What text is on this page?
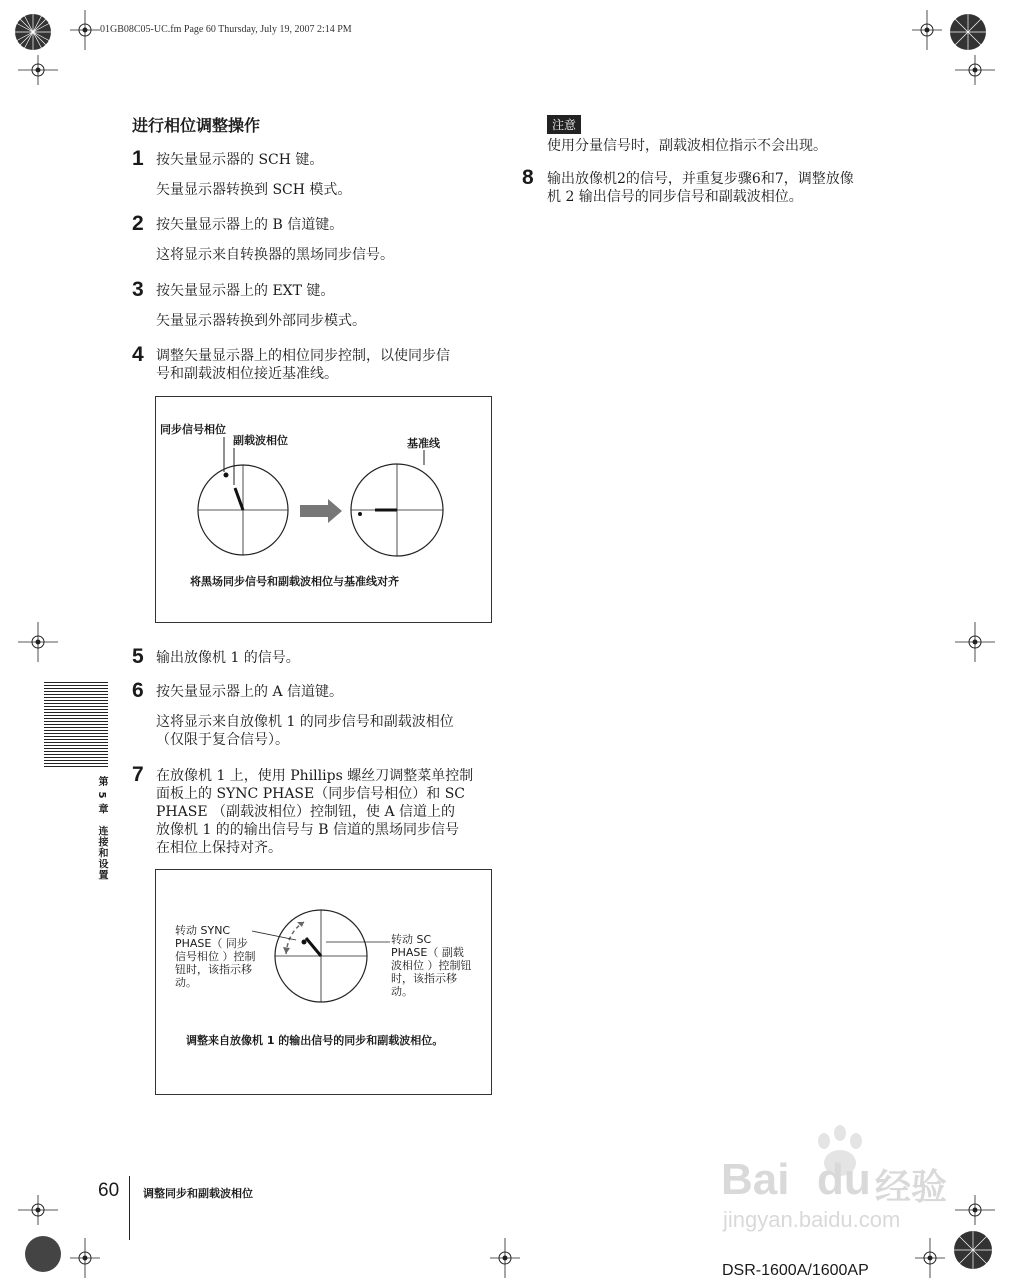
01GB08C05-UC.fm Page 60 Thursday, July 19, 2007 2:14 PM
进行相位调整操作
1 按矢量显示器的 SCH 键。
矢量显示器转换到 SCH 模式。
2 按矢量显示器上的 B 信道键。
这将显示来自转换器的黑场同步信号。
3 按矢量显示器上的 EXT 键。
矢量显示器转换到外部同步模式。
4 调整矢量显示器上的相位同步控制，以使同步信
号和副载波相位接近基准线。
同步信号相位
副载波相位	基准线
将黑场同步信号和副载波相位与基准线对齐
5 输出放像机 1 的信号。
6 按矢量显示器上的 A 信道键。
这将显示来自放像机 1 的同步信号和副载波相位
（仅限于复合信号）。
7 在放像机 1 上，使用 Phillips 螺丝刀调整菜单控制
面板上的 SYNC PHASE（同步信号相位）和 SC
PHASE （副载波相位）控制钮，使 A 信道上的
放像机 1 的的输出信号与 B 信道的黑场同步信号
在相位上保持对齐。
转动 SYNC
PHASE（ 同步
信号相位 ）控制
钮时，该指示移
动。
转动 SC
PHASE（ 副载
波相位 ）控制钮
时，该指示移
动。
调整来自放像机 1 的输出信号的同步和副载波相位。
注意
使用分量信号时，副载波相位指示不会出现。
8 输出放像机2的信号，并重复步骤6和7，调整放像
机 2 输出信号的同步信号和副载波相位。
第 5 章　连接和设置
Bai du 经验
jingyan.baidu.com
60 调整同步和副载波相位
DSR-1600A/1600AP
